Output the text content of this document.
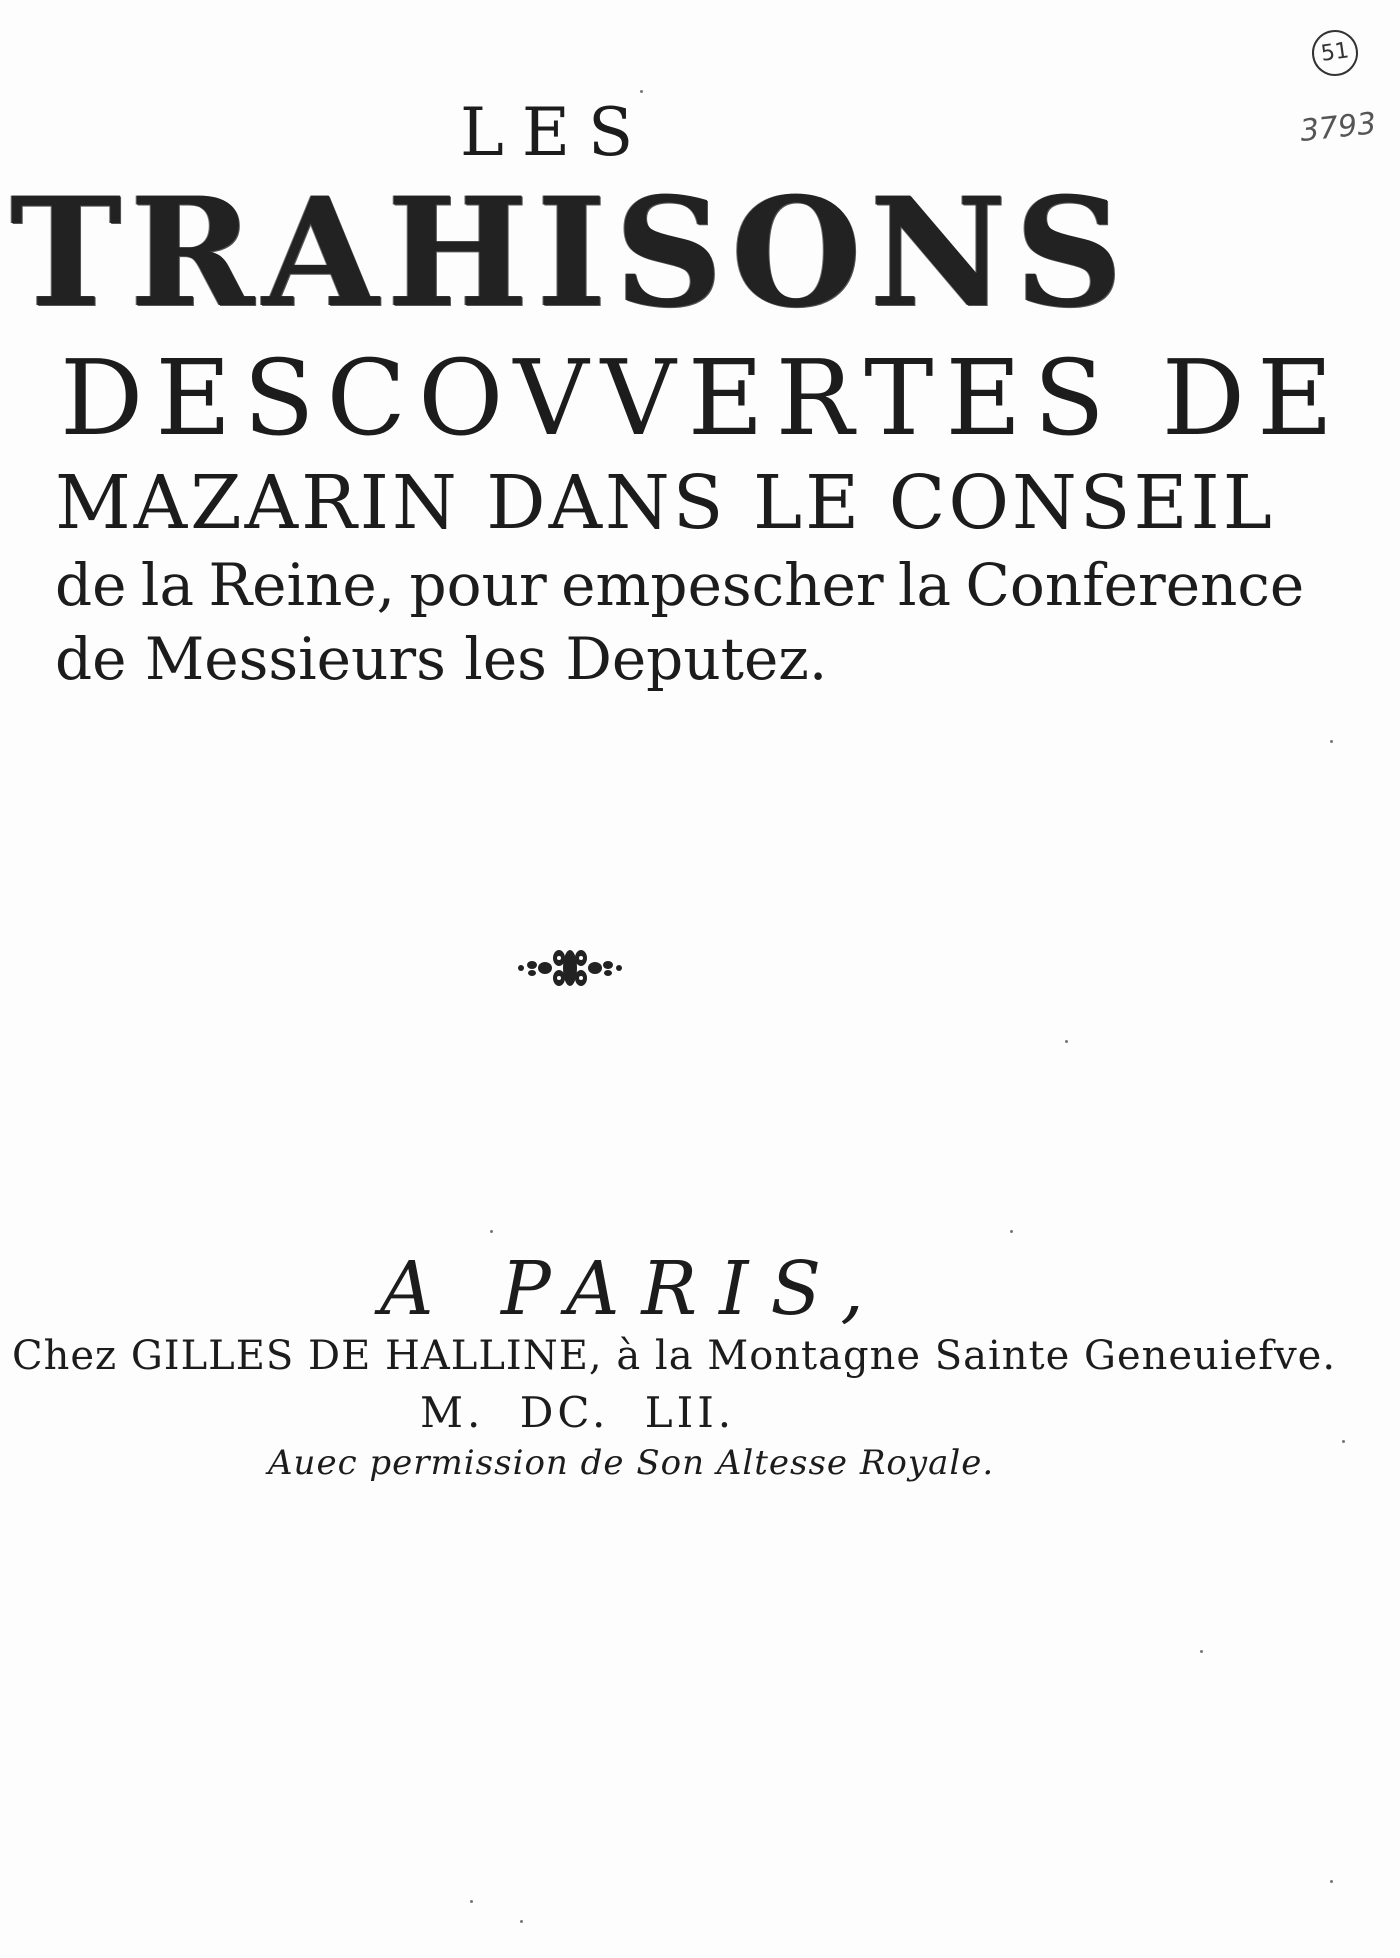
51
3793
LES
TRAHISONS
DESCOVVERTES DE
MAZARIN DANS LE CONSEIL
de la Reine, pour empescher la Conference
de Messieurs les Deputez.
A PARIS,
Chez GILLES DE HALLINE, à la Montagne Sainte Geneuiefve.
M. DC. LII.
Auec permission de Son Altesse Royale.
